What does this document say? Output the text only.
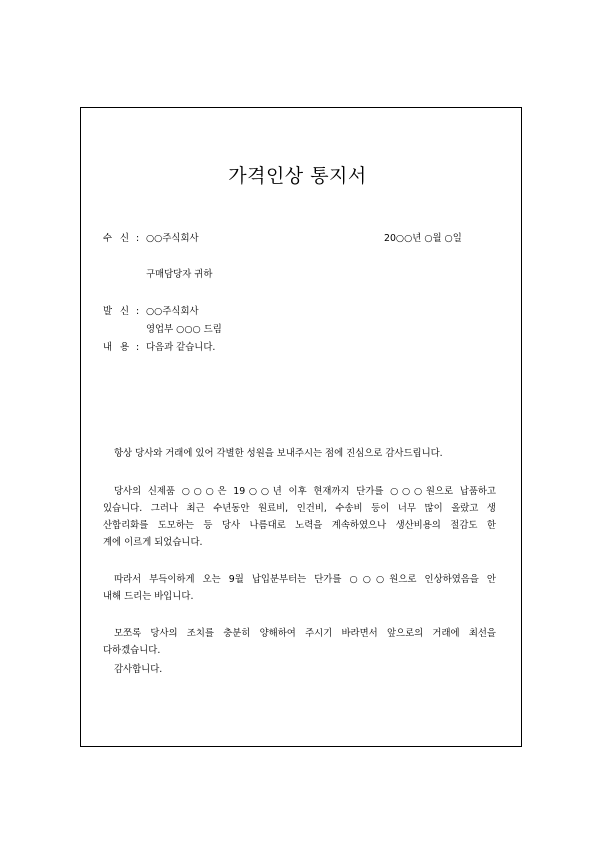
가격인상 통지서
수 신 : ○○주식회사	20○○년 ○월 ○일
구매담당자 귀하
발 신 : ○○주식회사
영업부 ○○○ 드림
내 용 : 다음과 같습니다.
항상 당사와 거래에 있어 각별한 성원을 보내주시는 점에 진심으로 감사드립니다.
당사의 신제품 ○○○은 19○○년 이후 현재까지 단가를 ○○○원으로 납품하고
있습니다. 그러나 최근 수년동안 원료비, 인건비, 수송비 등이 너무 많이 올랐고 생
산합리화를 도모하는 등 당사 나름대로 노력을 계속하였으나 생산비용의 절감도 한
계에 이르게 되었습니다.
따라서 부득이하게 오는 9월 납입분부터는 단가를 ○○○원으로 인상하였음을 안
내해 드리는 바입니다.
모쪼록 당사의 조치를 충분히 양해하여 주시기 바라면서 앞으로의 거래에 최선을
다하겠습니다.
감사합니다.
